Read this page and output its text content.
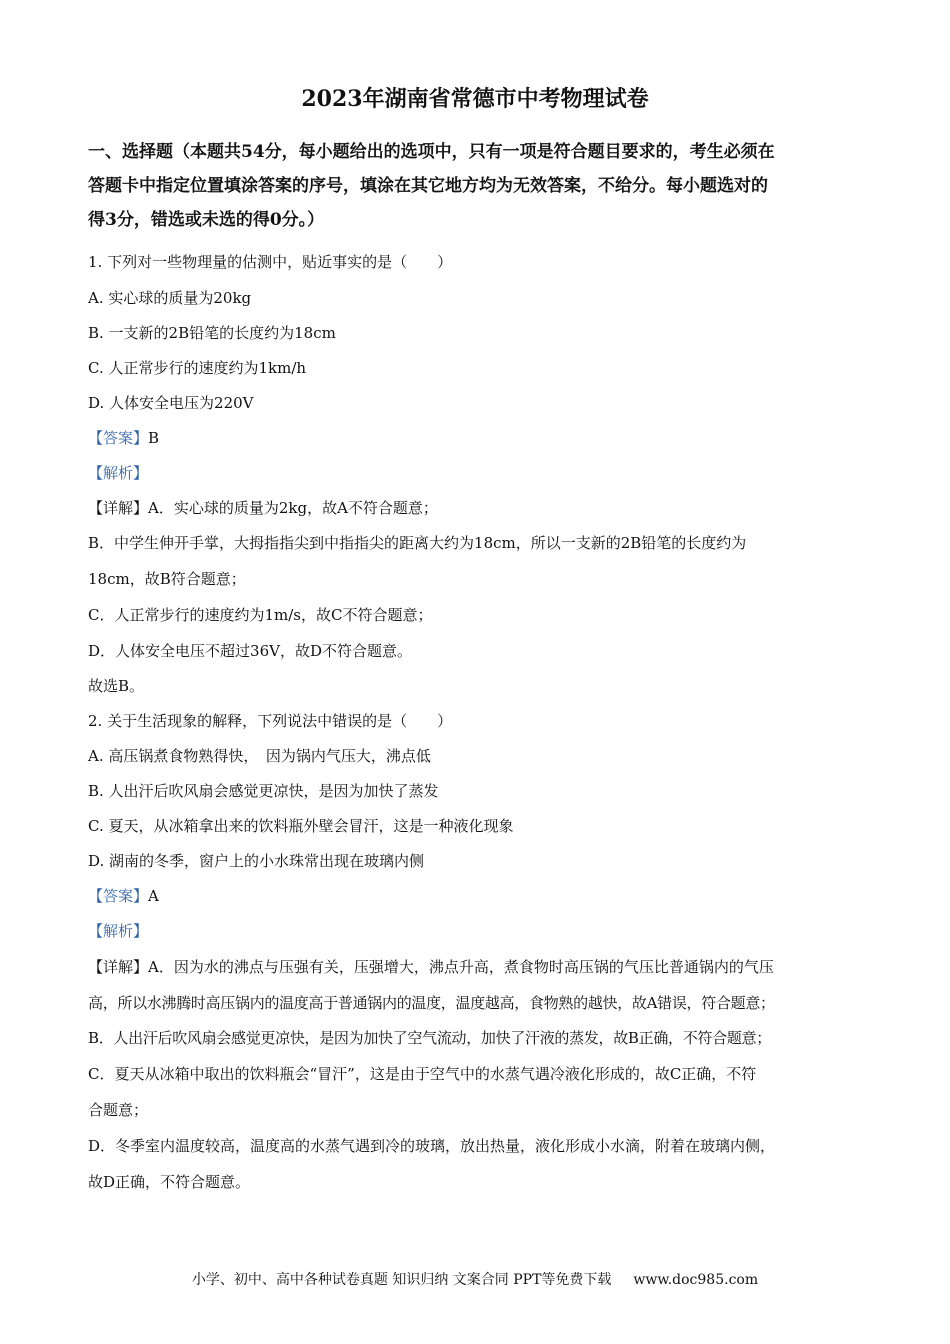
2023年湖南省常德市中考物理试卷
一、选择题（本题共54分，每小题给出的选项中，只有一项是符合题目要求的，考生必须在
答题卡中指定位置填涂答案的序号，填涂在其它地方均为无效答案，不给分。每小题选对的
得3分，错选或未选的得0分。）
1. 下列对一些物理量的估测中，贴近事实的是（　　）
A. 实心球的质量为20kg
B. 一支新的2B铅笔的长度约为18cm
C. 人正常步行的速度约为1km/h
D. 人体安全电压为220V
【答案】B
【解析】
【详解】A．实心球的质量为2kg，故A不符合题意；
B．中学生伸开手掌，大拇指指尖到中指指尖的距离大约为18cm，所以一支新的2B铅笔的长度约为
18cm，故B符合题意；
C．人正常步行的速度约为1m/s，故C不符合题意；
D．人体安全电压不超过36V，故D不符合题意。
故选B。
2. 关于生活现象的解释，下列说法中错误的是（　　）
A. 高压锅煮食物熟得快，　因为锅内气压大，沸点低
B. 人出汗后吹风扇会感觉更凉快，是因为加快了蒸发
C. 夏天，从冰箱拿出来的饮料瓶外壁会冒汗，这是一种液化现象
D. 湖南的冬季，窗户上的小水珠常出现在玻璃内侧
【答案】A
【解析】
【详解】A．因为水的沸点与压强有关，压强增大，沸点升高，煮食物时高压锅的气压比普通锅内的气压
高，所以水沸腾时高压锅内的温度高于普通锅内的温度，温度越高，食物熟的越快，故A错误，符合题意；
B．人出汗后吹风扇会感觉更凉快，是因为加快了空气流动，加快了汗液的蒸发，故B正确，不符合题意；
C．夏天从冰箱中取出的饮料瓶会“冒汗”，这是由于空气中的水蒸气遇冷液化形成的，故C正确，不符
合题意；
D．冬季室内温度较高，温度高的水蒸气遇到冷的玻璃，放出热量，液化形成小水滴，附着在玻璃内侧，
故D正确，不符合题意。
小学、初中、高中各种试卷真题 知识归纳 文案合同 PPT等免费下载 www.doc985.com
